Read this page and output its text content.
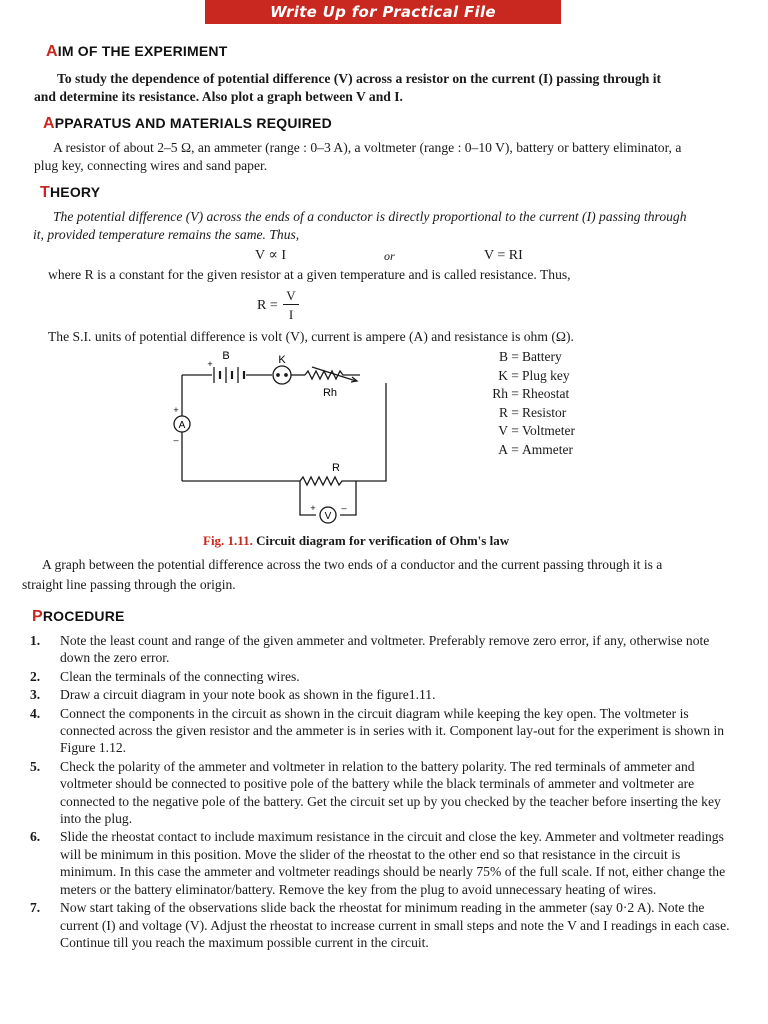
Write Up for Practical File
AIM OF THE EXPERIMENT
To study the dependence of potential difference (V) across a resistor on the current (I) passing through it
and determine its resistance. Also plot a graph between V and I.
APPARATUS AND MATERIALS REQUIRED
A resistor of about 2–5 Ω, an ammeter (range : 0–3 A), a voltmeter (range : 0–10 V), battery or battery eliminator, a
plug key, connecting wires and sand paper.
THEORY
The potential difference (V) across the ends of a conductor is directly proportional to the current (I) passing through
it, provided temperature remains the same. Thus,
V ∝ I	or	V = RI
where R is a constant for the given resistor at a given temperature and is called resistance. Thus,
R =
V
I
The S.I. units of potential difference is volt (V), current is ampere (A) and resistance is ohm (Ω).
B	K
Rh
R
A
V
+
+
–
+	–
B = Battery
K = Plug key
Rh = Rheostat
R = Resistor
V = Voltmeter
A = Ammeter
Fig. 1.11. Circuit diagram for verification of Ohm's law
A graph between the potential difference across the two ends of a conductor and the current passing through it is a
straight line passing through the origin.
PROCEDURE
1.	Note the least count and range of the given ammeter and voltmeter. Preferably remove zero error, if any, otherwise note down the zero error.
2.	Clean the terminals of the connecting wires.
3.	Draw a circuit diagram in your note book as shown in the figure1.11.
4.	Connect the components in the circuit as shown in the circuit diagram while keeping the key open. The voltmeter is connected across the given resistor and the ammeter is in series with it. Component lay-out for the experiment is shown in Figure 1.12.
5.	Check the polarity of the ammeter and voltmeter in relation to the battery polarity. The red terminals of ammeter and voltmeter should be connected to positive pole of the battery while the black terminals of ammeter and voltmeter are connected to the negative pole of the battery. Get the circuit set up by you checked by the teacher before inserting the key into the plug.
6.	Slide the rheostat contact to include maximum resistance in the circuit and close the key. Ammeter and voltmeter readings will be minimum in this position. Move the slider of the rheostat to the other end so that resistance in the circuit is minimum. In this case the ammeter and voltmeter readings should be nearly 75% of the full scale. If not, either change the meters or the battery eliminator/battery. Remove the key from the plug to avoid unnecessary heating of wires.
7.	Now start taking of the observations slide back the rheostat for minimum reading in the ammeter (say 0·2 A). Note the current (I) and voltage (V). Adjust the rheostat to increase current in small steps and note the V and I readings in each case. Continue till you reach the maximum possible current in the circuit.
